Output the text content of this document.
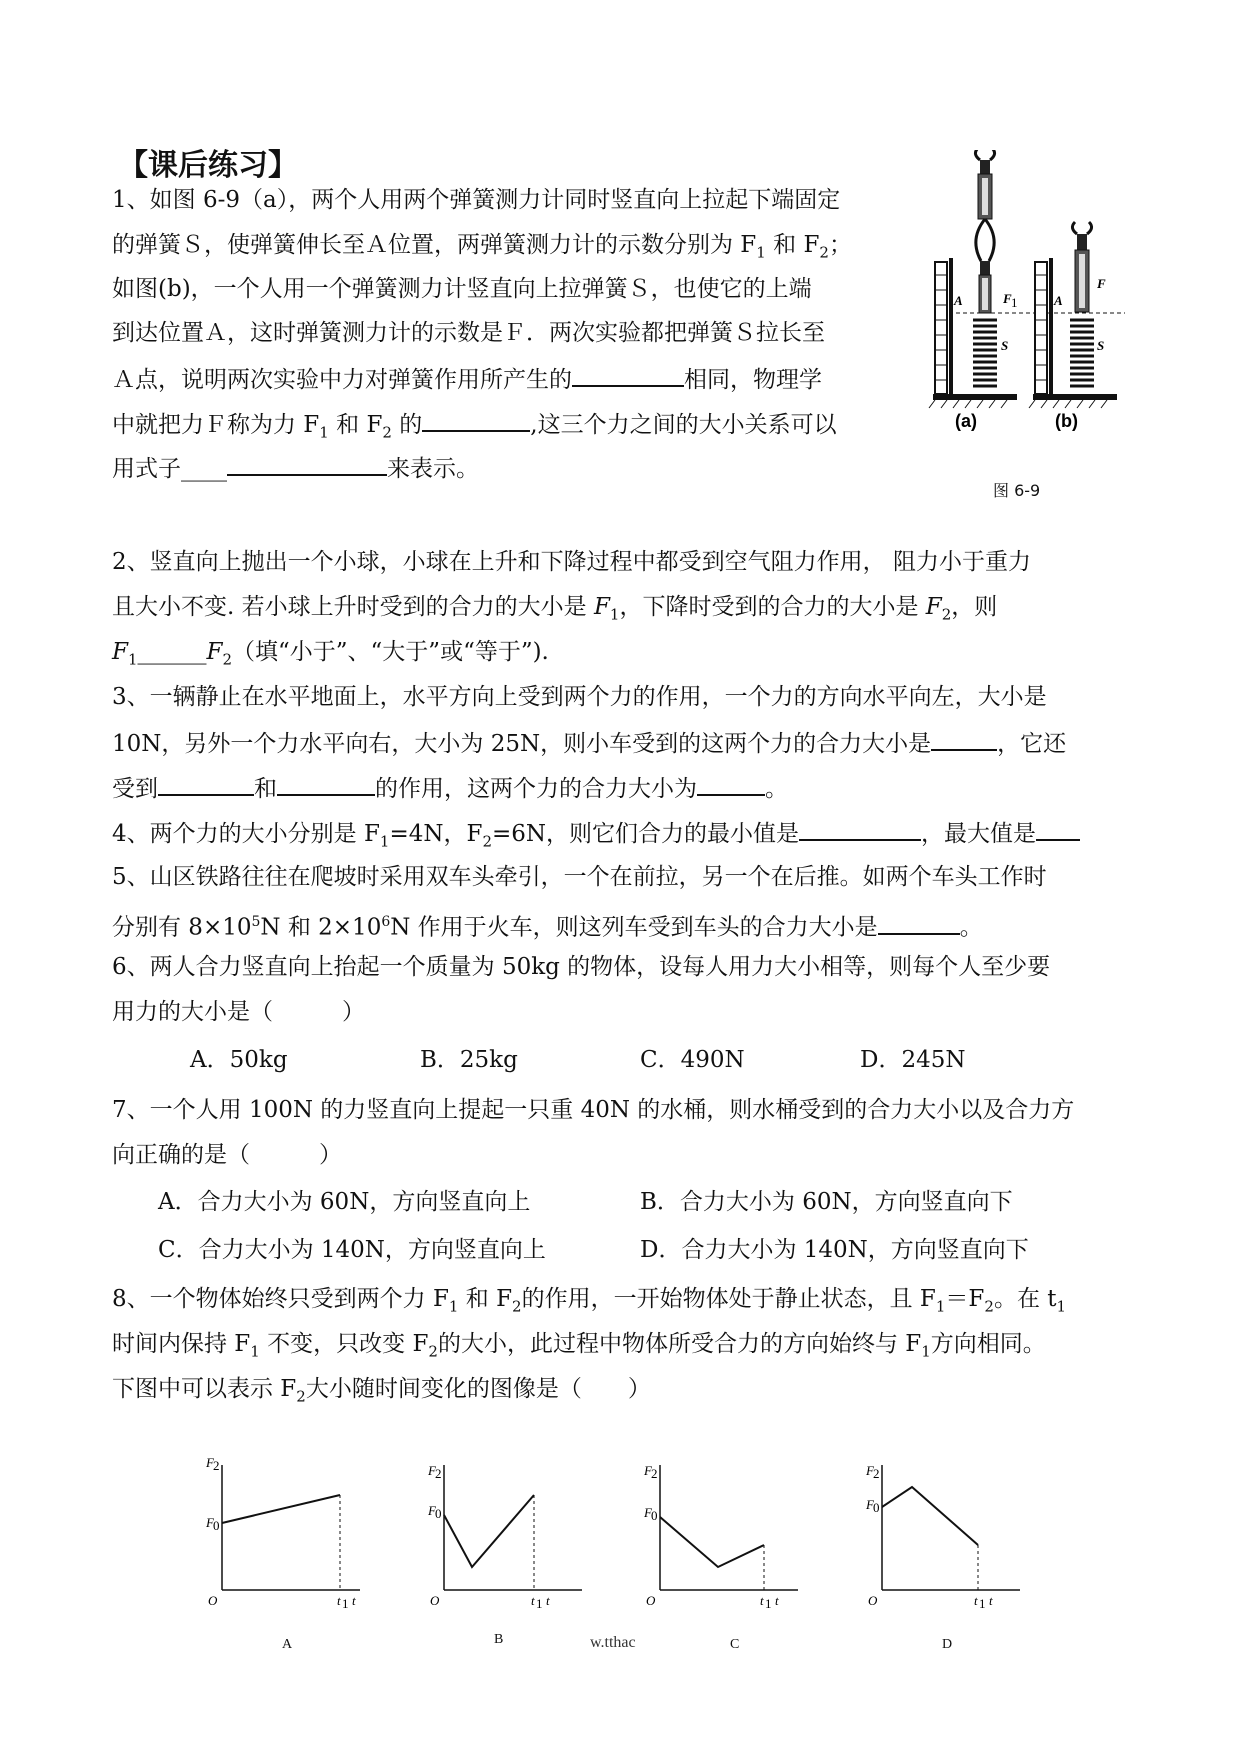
【课后练习】
1、如图 6-9（a），两个人用两个弹簧测力计同时竖直向上拉起下端固定
的弹簧Ｓ，使弹簧伸长至Ａ位置，两弹簧测力计的示数分别为 $F_1$ 和 $F_2$；
如图(b)，一个人用一个弹簧测力计竖直向上拉弹簧Ｓ，也使它的上端
到达位置Ａ，这时弹簧测力计的示数是Ｆ．两次实验都把弹簧Ｓ拉长至
Ａ点，说明两次实验中力对弹簧作用所产生的	相同，物理学
中就把力Ｆ称为力 $F_1$ 和 $F_2$ 的	,这三个力之间的大小关系可以
用式子____	来表示。
A	F 1
S
A
F
S
(a)	(b)
图 6-9
2、竖直向上抛出一个小球，小球在上升和下降过程中都受到空气阻力作用， 阻力小于重力
且大小不变. 若小球上升时受到的合力的大小是 $F_1$，下降时受到的合力的大小是 $F_2$，则
$F_1\_\_\_\_\_\_F_2$（填“小于”、“大于”或“等于”).
3、一辆静止在水平地面上，水平方向上受到两个力的作用，一个力的方向水平向左，大小是
10N，另外一个力水平向右，大小为 25N，则小车受到的这两个力的合力大小是	，它还
受到	和	的作用，这两个力的合力大小为	。
4、两个力的大小分别是 $F_1=4N$，$F_2=6N$，则它们合力的最小值是	，最大值是
5、山区铁路往往在爬坡时采用双车头牵引，一个在前拉，另一个在后推。如两个车头工作时
分别有 $8\times 10^5N$ 和 $2\times 10^6N$ 作用于火车，则这列车受到车头的合力大小是	。
6、两人合力竖直向上抬起一个质量为 50kg 的物体，设每人用力大小相等，则每个人至少要
用力的大小是（　　　）
A．50kg	B．25kg	C．490N	D．245N
7、一个人用 100N 的力竖直向上提起一只重 40N 的水桶，则水桶受到的合力大小以及合力方
向正确的是（　　　）
A．合力大小为 60N，方向竖直向上	B．合力大小为 60N，方向竖直向下
C．合力大小为 140N，方向竖直向上	D．合力大小为 140N，方向竖直向下
8、一个物体始终只受到两个力 $F_1$ 和 $F_2$的作用，一开始物体处于静止状态，且 $F_1=F_2$。在 $t_1$
时间内保持 $F_1$ 不变，只改变 $F_2$的大小，此过程中物体所受合力的方向始终与 $F_1$方向相同。
下图中可以表示 $F_2$大小随时间变化的图像是（　　）
F 2
F 0
O	t 1 t
F 2
F 0
O	t 1 t
F 2
F 0
O	t 1 t
F 2
F 0
O	t 1 t
A	B	C	D
w.tthac
